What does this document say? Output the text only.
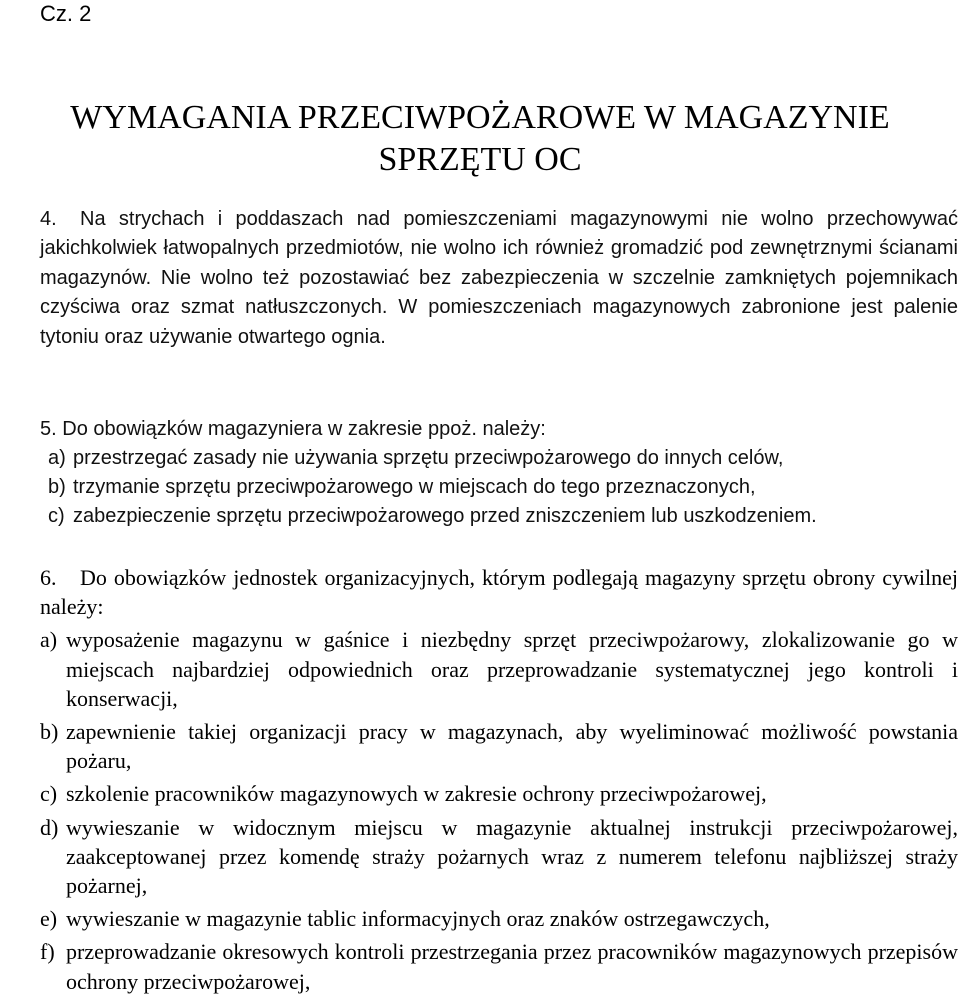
Cz. 2
WYMAGANIA PRZECIWPOŻAROWE W MAGAZYNIE
SPRZĘTU OC
4. Na strychach i poddaszach nad pomieszczeniami magazynowymi nie wolno przechowywać jakichkolwiek łatwopalnych przedmiotów, nie wolno ich również gromadzić pod zewnętrznymi ścianami magazynów. Nie wolno też pozostawiać bez zabezpieczenia w szczelnie zamkniętych pojemnikach czyściwa oraz szmat natłuszczonych. W pomieszczeniach magazynowych zabronione jest palenie tytoniu oraz używanie otwartego ognia.
5. Do obowiązków magazyniera w zakresie ppoż. należy:
a) przestrzegać zasady nie używania sprzętu przeciwpożarowego do innych celów,
b) trzymanie sprzętu przeciwpożarowego w miejscach do tego przeznaczonych,
c) zabezpieczenie sprzętu przeciwpożarowego przed zniszczeniem lub uszkodzeniem.
6. Do obowiązków jednostek organizacyjnych, którym podlegają magazyny sprzętu obrony cywilnej należy:
a) wyposażenie magazynu w gaśnice i niezbędny sprzęt przeciwpożarowy, zlokalizowanie go w miejscach najbardziej odpowiednich oraz przeprowadzanie systematycznej jego kontroli i konserwacji,
b) zapewnienie takiej organizacji pracy w magazynach, aby wyeliminować możliwość powstania pożaru,
c) szkolenie pracowników magazynowych w zakresie ochrony przeciwpożarowej,
d) wywieszanie w widocznym miejscu w magazynie aktualnej instrukcji przeciwpożarowej, zaakceptowanej przez komendę straży pożarnych wraz z numerem telefonu najbliższej straży pożarnej,
e) wywieszanie w magazynie tablic informacyjnych oraz znaków ostrzegawczych,
f) przeprowadzanie okresowych kontroli przestrzegania przez pracowników magazynowych przepisów ochrony przeciwpożarowej,
